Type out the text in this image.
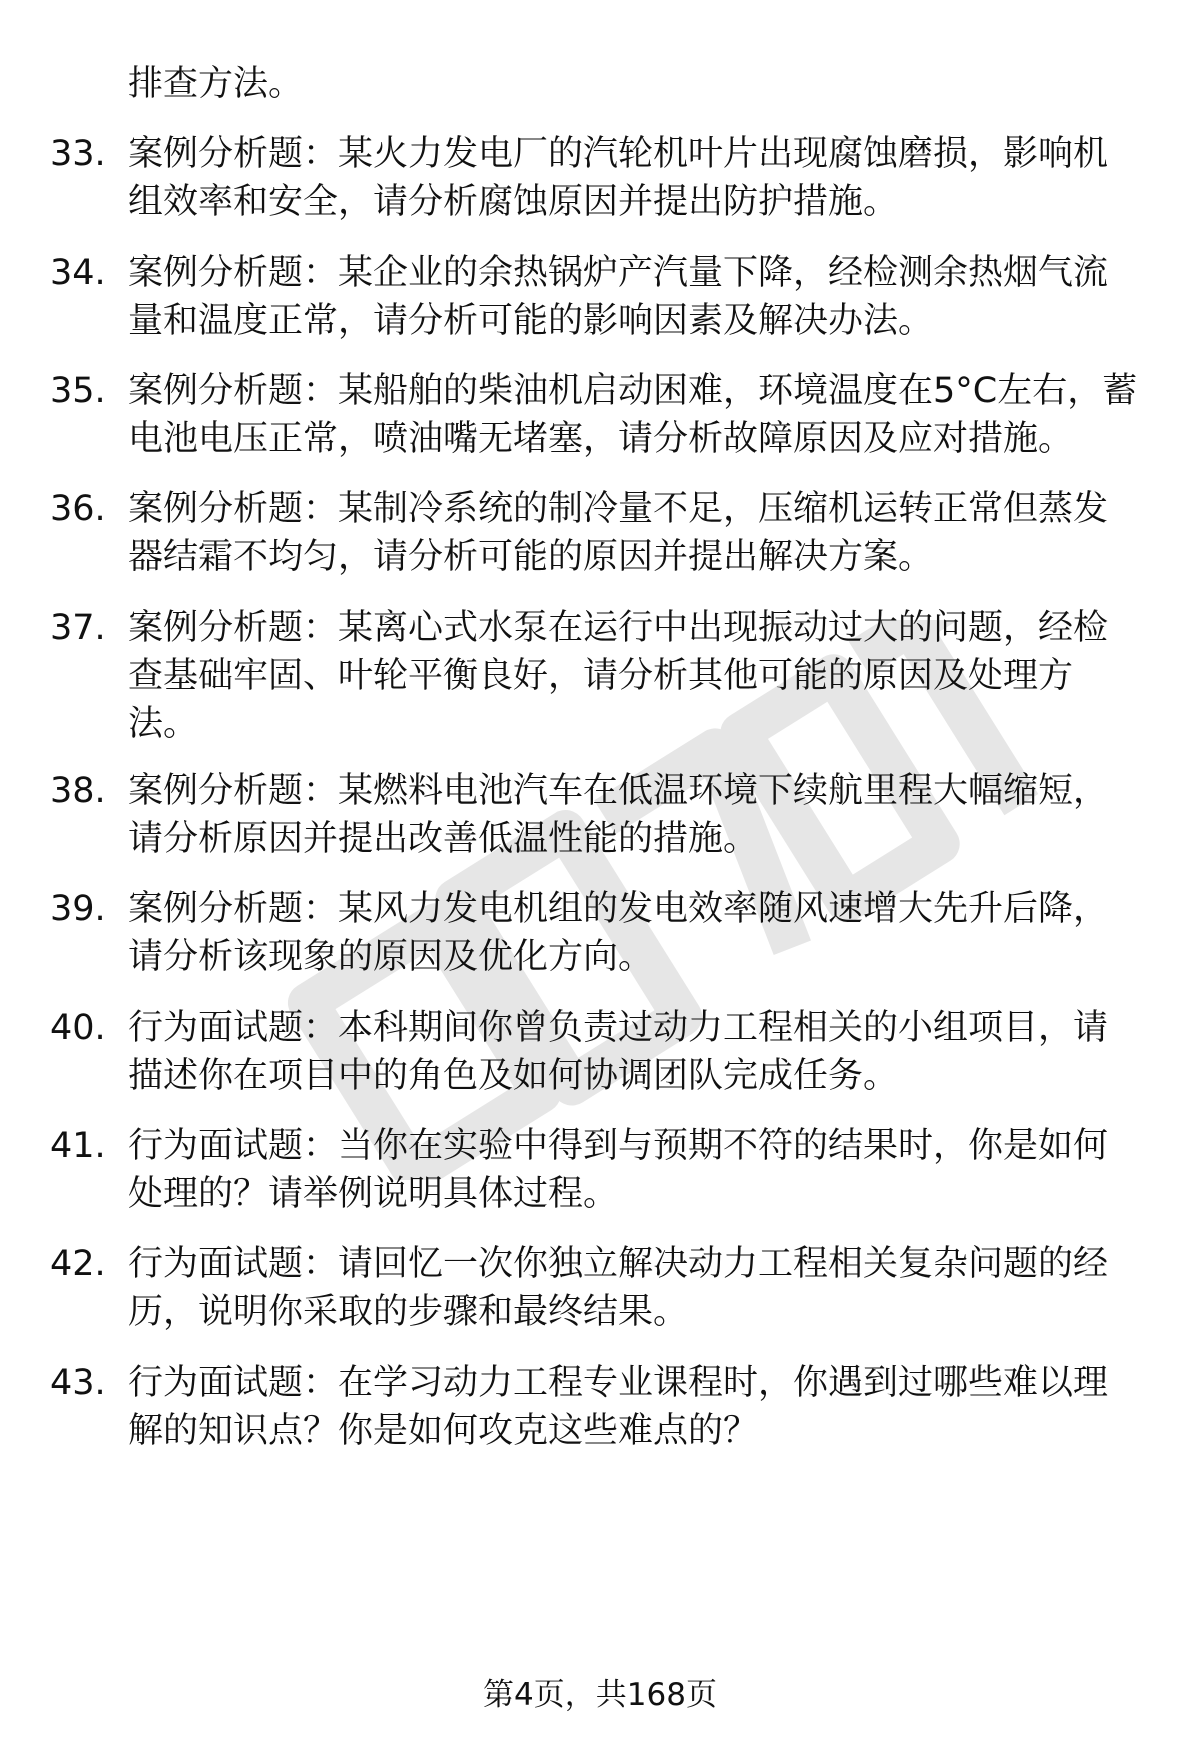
排查方法。

33. 案例分析题：某火力发电厂的汽轮机叶片出现腐蚀磨损，影响机
组效率和安全，请分析腐蚀原因并提出防护措施。

34. 案例分析题：某企业的余热锅炉产汽量下降，经检测余热烟气流
量和温度正常，请分析可能的影响因素及解决办法。

35. 案例分析题：某船舶的柴油机启动困难，环境温度在5°C左右，蓄
电池电压正常，喷油嘴无堵塞，请分析故障原因及应对措施。

36. 案例分析题：某制冷系统的制冷量不足，压缩机运转正常但蒸发
器结霜不均匀，请分析可能的原因并提出解决方案。

37. 案例分析题：某离心式水泵在运行中出现振动过大的问题，经检
查基础牢固、叶轮平衡良好，请分析其他可能的原因及处理方
法。

38. 案例分析题：某燃料电池汽车在低温环境下续航里程大幅缩短，
请分析原因并提出改善低温性能的措施。

39. 案例分析题：某风力发电机组的发电效率随风速增大先升后降，
请分析该现象的原因及优化方向。

40. 行为面试题：本科期间你曾负责过动力工程相关的小组项目，请
描述你在项目中的角色及如何协调团队完成任务。

41. 行为面试题：当你在实验中得到与预期不符的结果时，你是如何
处理的？请举例说明具体过程。

42. 行为面试题：请回忆一次你独立解决动力工程相关复杂问题的经
历，说明你采取的步骤和最终结果。

43. 行为面试题：在学习动力工程专业课程时，你遇到过哪些难以理
解的知识点？你是如何攻克这些难点的？

第4页，共168页
